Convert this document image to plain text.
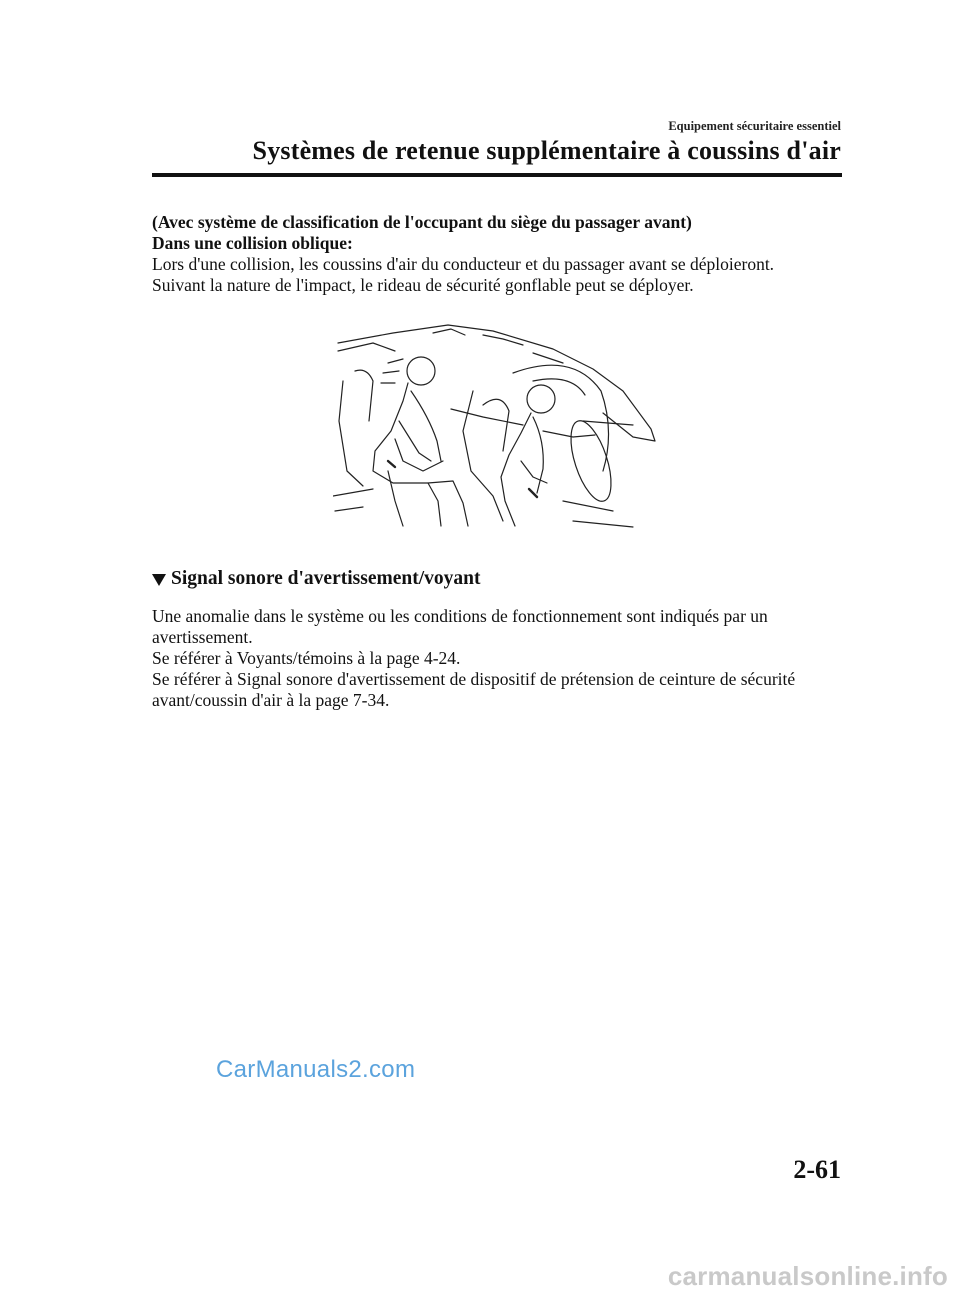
Equipement sécuritaire essentiel
Systèmes de retenue supplémentaire à coussins d'air
(Avec système de classification de l'occupant du siège du passager avant)
Dans une collision oblique:
Lors d'une collision, les coussins d'air du conducteur et du passager avant se déploieront.
Suivant la nature de l'impact, le rideau de sécurité gonflable peut se déployer.
Signal sonore d'avertissement/voyant
Une anomalie dans le système ou les conditions de fonctionnement sont indiqués par un
avertissement.
Se référer à Voyants/témoins à la page 4-24.
Se référer à Signal sonore d'avertissement de dispositif de prétension de ceinture de sécurité
avant/coussin d'air à la page 7-34.
CarManuals2.com
2-61
carmanualsonline.info
